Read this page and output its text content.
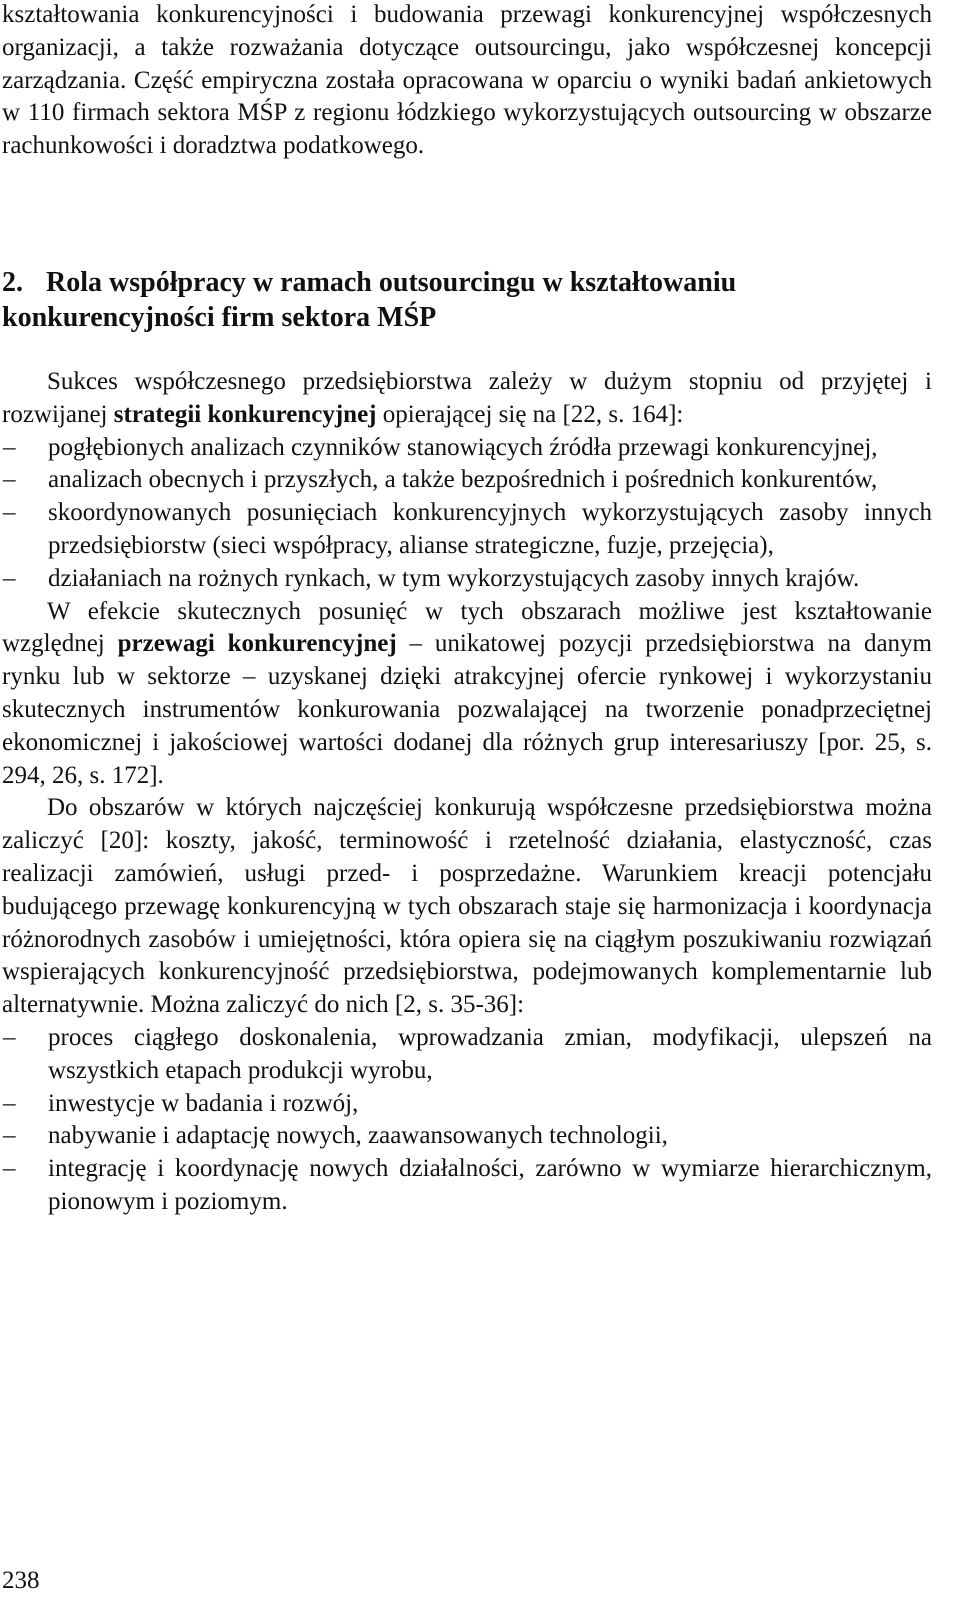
kształtowania konkurencyjności i budowania przewagi konkurencyjnej współczesnych organizacji, a także rozważania dotyczące outsourcingu, jako współczesnej koncepcji zarządzania. Część empiryczna została opracowana w oparciu o wyniki badań ankietowych w 110 firmach sektora MŚP z regionu łódzkiego wykorzystujących outsourcing w obszarze rachunkowości i doradztwa podatkowego.

2. Rola współpracy w ramach outsourcingu w kształtowaniu
konkurencyjności firm sektora MŚP

Sukces współczesnego przedsiębiorstwa zależy w dużym stopniu od przyjętej i rozwijanej strategii konkurencyjnej opierającej się na [22, s. 164]:

–	pogłębionych analizach czynników stanowiących źródła przewagi konkurencyjnej,
–	analizach obecnych i przyszłych, a także bezpośrednich i pośrednich konkurentów,
–	skoordynowanych posunięciach konkurencyjnych wykorzystujących zasoby innych przedsiębiorstw (sieci współpracy, alianse strategiczne, fuzje, przejęcia),
–	działaniach na rożnych rynkach, w tym wykorzystujących zasoby innych krajów.

W efekcie skutecznych posunięć w tych obszarach możliwe jest kształtowanie względnej przewagi konkurencyjnej – unikatowej pozycji przedsiębiorstwa na danym rynku lub w sektorze – uzyskanej dzięki atrakcyjnej ofercie rynkowej i wykorzystaniu skutecznych instrumentów konkurowania pozwalającej na tworzenie ponadprzeciętnej ekonomicznej i jakościowej wartości dodanej dla różnych grup interesariuszy [por. 25, s. 294, 26, s. 172].

Do obszarów w których najczęściej konkurują współczesne przedsiębiorstwa można zaliczyć [20]: koszty, jakość, terminowość i rzetelność działania, elastyczność, czas realizacji zamówień, usługi przed- i posprzedażne. Warunkiem kreacji potencjału budującego przewagę konkurencyjną w tych obszarach staje się harmonizacja i koordynacja różnorodnych zasobów i umiejętności, która opiera się na ciągłym poszukiwaniu rozwiązań wspierających konkurencyjność przedsiębiorstwa, podejmowanych komplementarnie lub alternatywnie. Można zaliczyć do nich [2, s. 35-36]:

–	proces ciągłego doskonalenia, wprowadzania zmian, modyfikacji, ulepszeń na wszystkich etapach produkcji wyrobu,
–	inwestycje w badania i rozwój,
–	nabywanie i adaptację nowych, zaawansowanych technologii,
–	integrację i koordynację nowych działalności, zarówno w wymiarze hierarchicznym, pionowym i poziomym.
238
